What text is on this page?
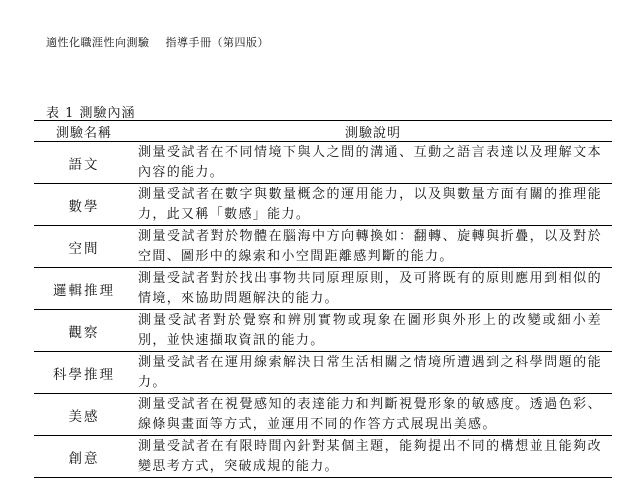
適性化職涯性向測驗 指導手冊（第四版）
表 1 測驗內涵
測驗名稱	測驗說明
語文	測量受試者在不同情境下與人之間的溝通、互動之語言表達以及理解文本內容的能力。
數學	測量受試者在數字與數量概念的運用能力，以及與數量方面有關的推理能力，此又稱「數感」能力。
空間	測量受試者對於物體在腦海中方向轉換如：翻轉、旋轉與折疊，以及對於空間、圖形中的線索和小空間距離感判斷的能力。
邏輯推理	測量受試者對於找出事物共同原理原則，及可將既有的原則應用到相似的情境，來協助問題解決的能力。
觀察	測量受試者對於覺察和辨別實物或現象在圖形與外形上的改變或細小差別，並快速擷取資訊的能力。
科學推理	測量受試者在運用線索解決日常生活相關之情境所遭遇到之科學問題的能力。
美感	測量受試者在視覺感知的表達能力和判斷視覺形象的敏感度。透過色彩、線條與畫面等方式，並運用不同的作答方式展現出美感。
創意	測量受試者在有限時間內針對某個主題，能夠提出不同的構想並且能夠改變思考方式，突破成規的能力。
